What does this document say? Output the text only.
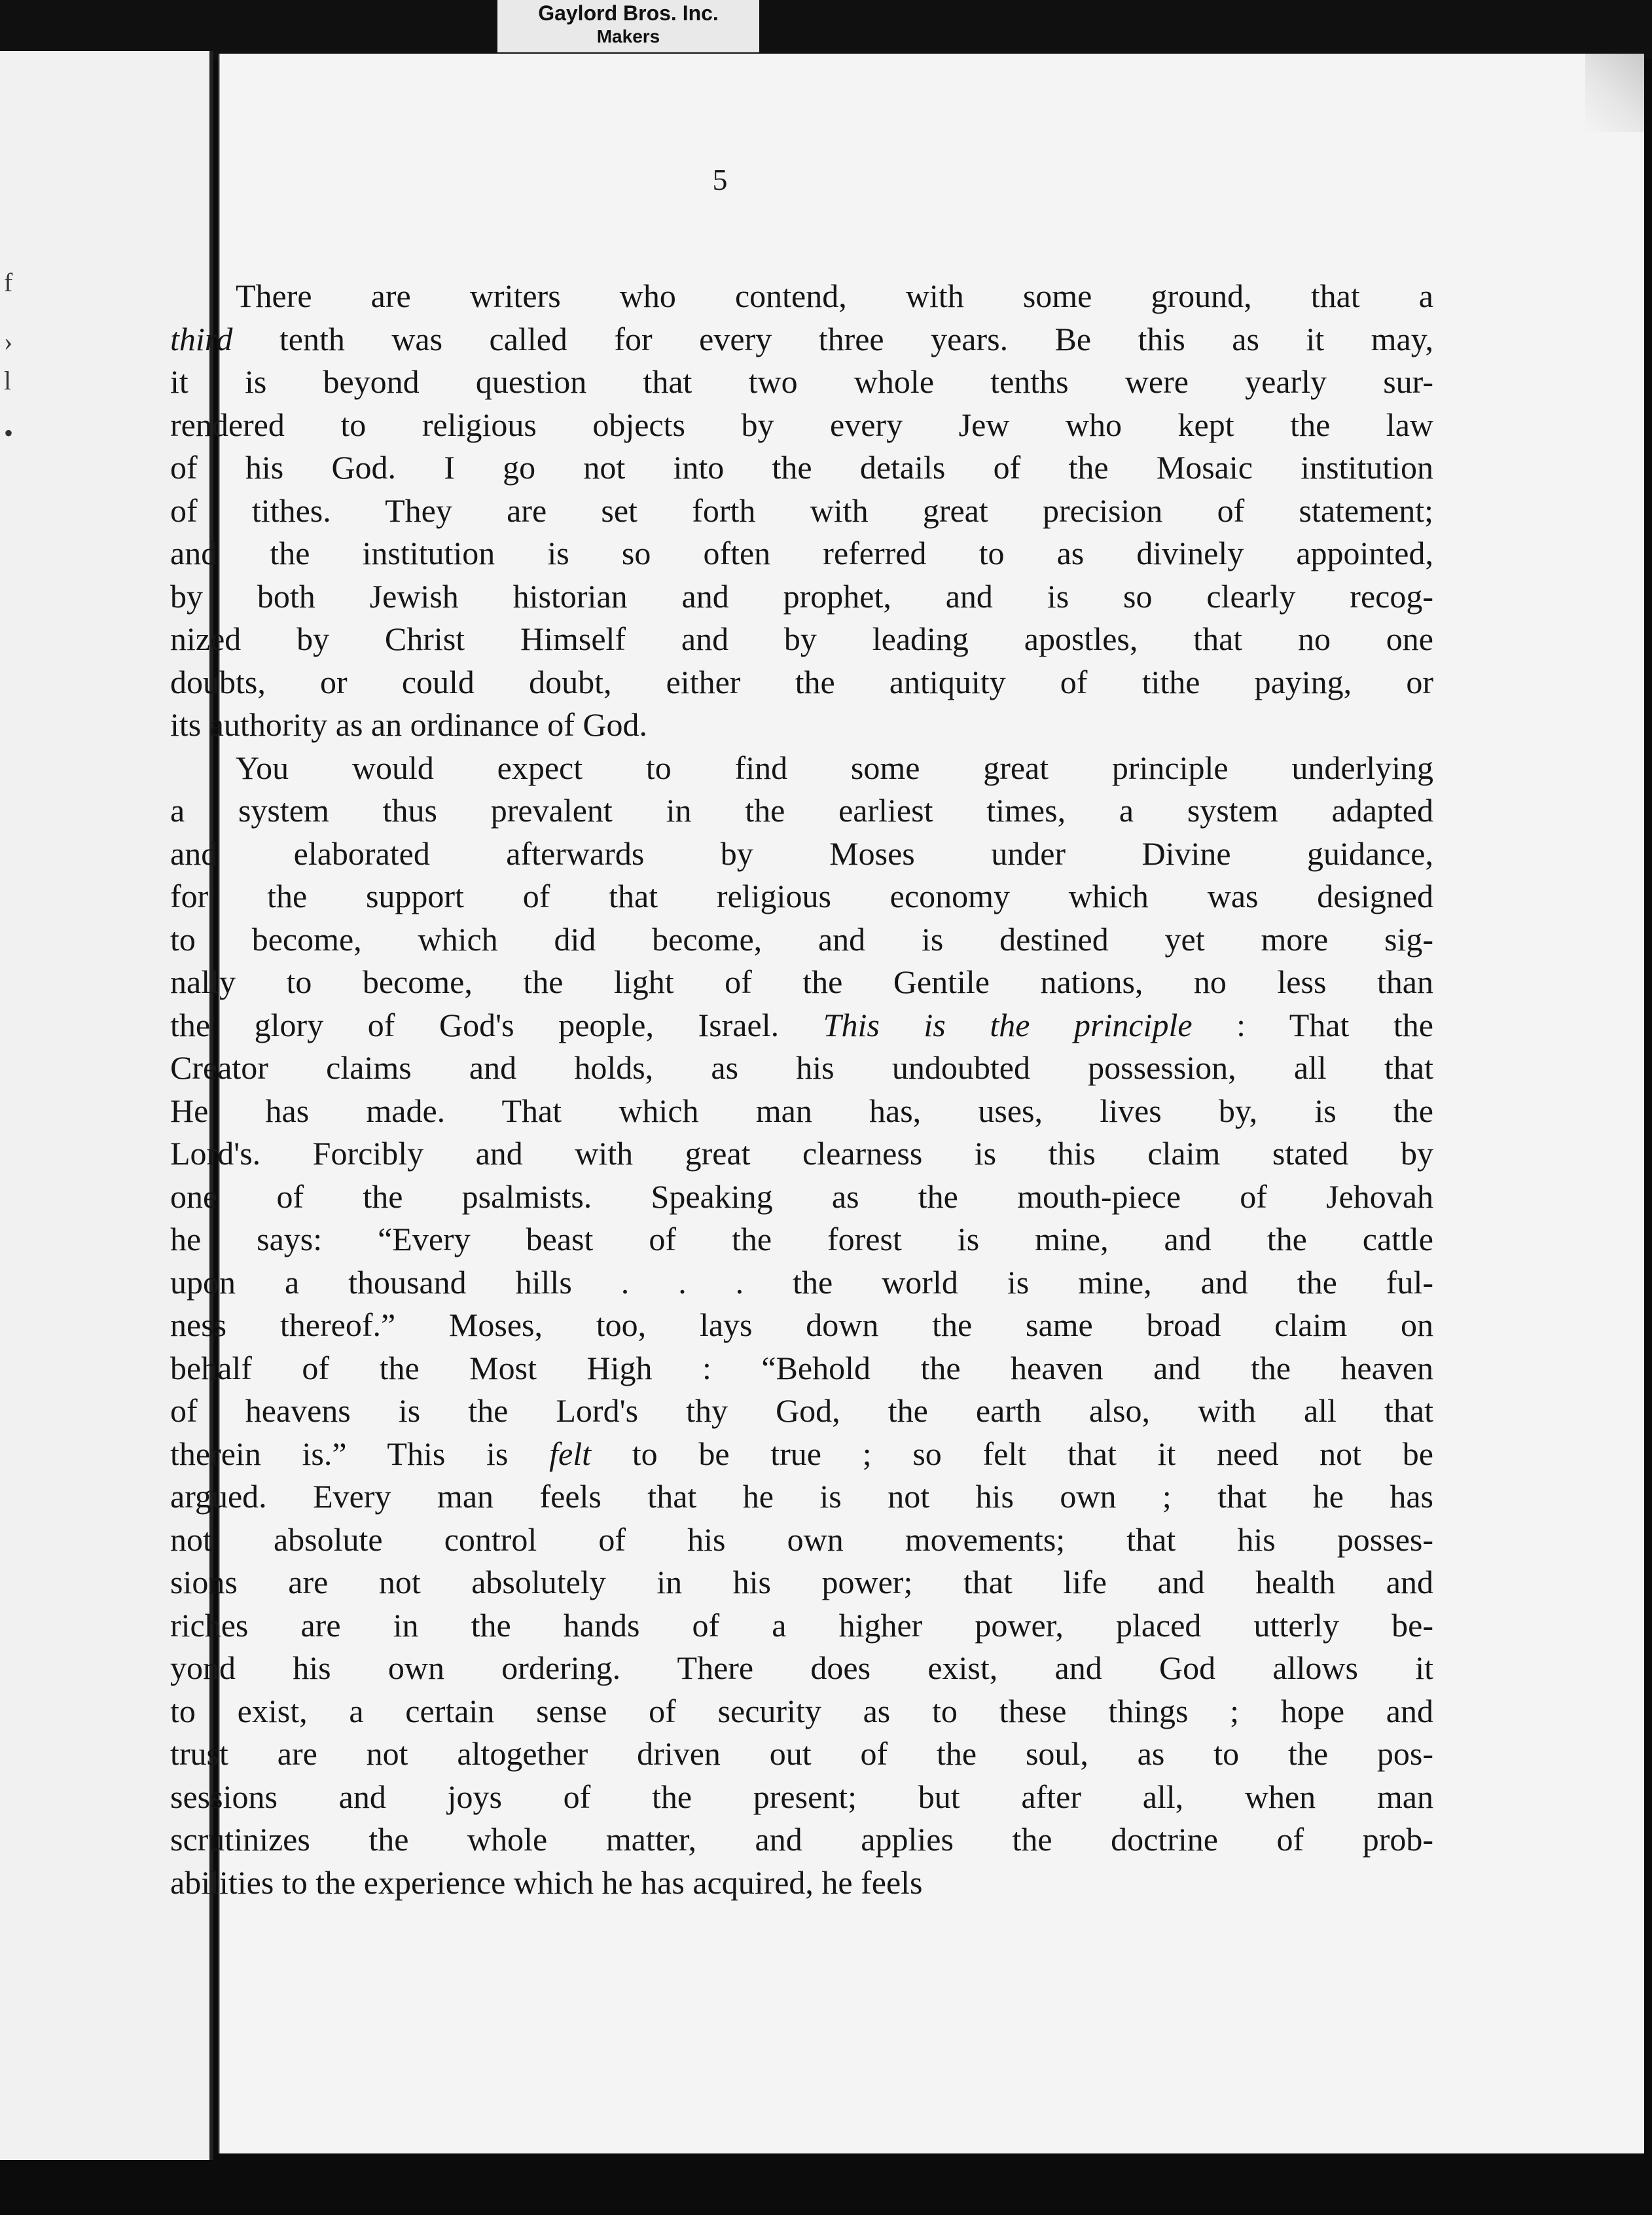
Gaylord Bros. Inc.
Makers
f
›
l
•
5
There are writers who contend, with some ground, that a
third tenth was called for every three years. Be this as it may,
it is beyond question that two whole tenths were yearly sur-
rendered to religious objects by every Jew who kept the law
of his God. I go not into the details of the Mosaic institution
of tithes. They are set forth with great precision of statement;
and the institution is so often referred to as divinely appointed,
by both Jewish historian and prophet, and is so clearly recog-
nized by Christ Himself and by leading apostles, that no one
doubts, or could doubt, either the antiquity of tithe paying, or
its authority as an ordinance of God.
You would expect to find some great principle underlying
a system thus prevalent in the earliest times, a system adapted
and elaborated afterwards by Moses under Divine guidance,
for the support of that religious economy which was designed
to become, which did become, and is destined yet more sig-
nally to become, the light of the Gentile nations, no less than
the glory of God's people, Israel. This is the principle : That the
Creator claims and holds, as his undoubted possession, all that
He has made. That which man has, uses, lives by, is the
Lord's. Forcibly and with great clearness is this claim stated by
one of the psalmists. Speaking as the mouth-piece of Jehovah
he says: “Every beast of the forest is mine, and the cattle
upon a thousand hills . . . the world is mine, and the ful-
ness thereof.” Moses, too, lays down the same broad claim on
behalf of the Most High : “Behold the heaven and the heaven
of heavens is the Lord's thy God, the earth also, with all that
therein is.” This is felt to be true ; so felt that it need not be
argued. Every man feels that he is not his own ; that he has
not absolute control of his own movements; that his posses-
sions are not absolutely in his power; that life and health and
riches are in the hands of a higher power, placed utterly be-
yond his own ordering. There does exist, and God allows it
to exist, a certain sense of security as to these things ; hope and
trust are not altogether driven out of the soul, as to the pos-
sessions and joys of the present; but after all, when man
scrutinizes the whole matter, and applies the doctrine of prob-
abilities to the experience which he has acquired, he feels
